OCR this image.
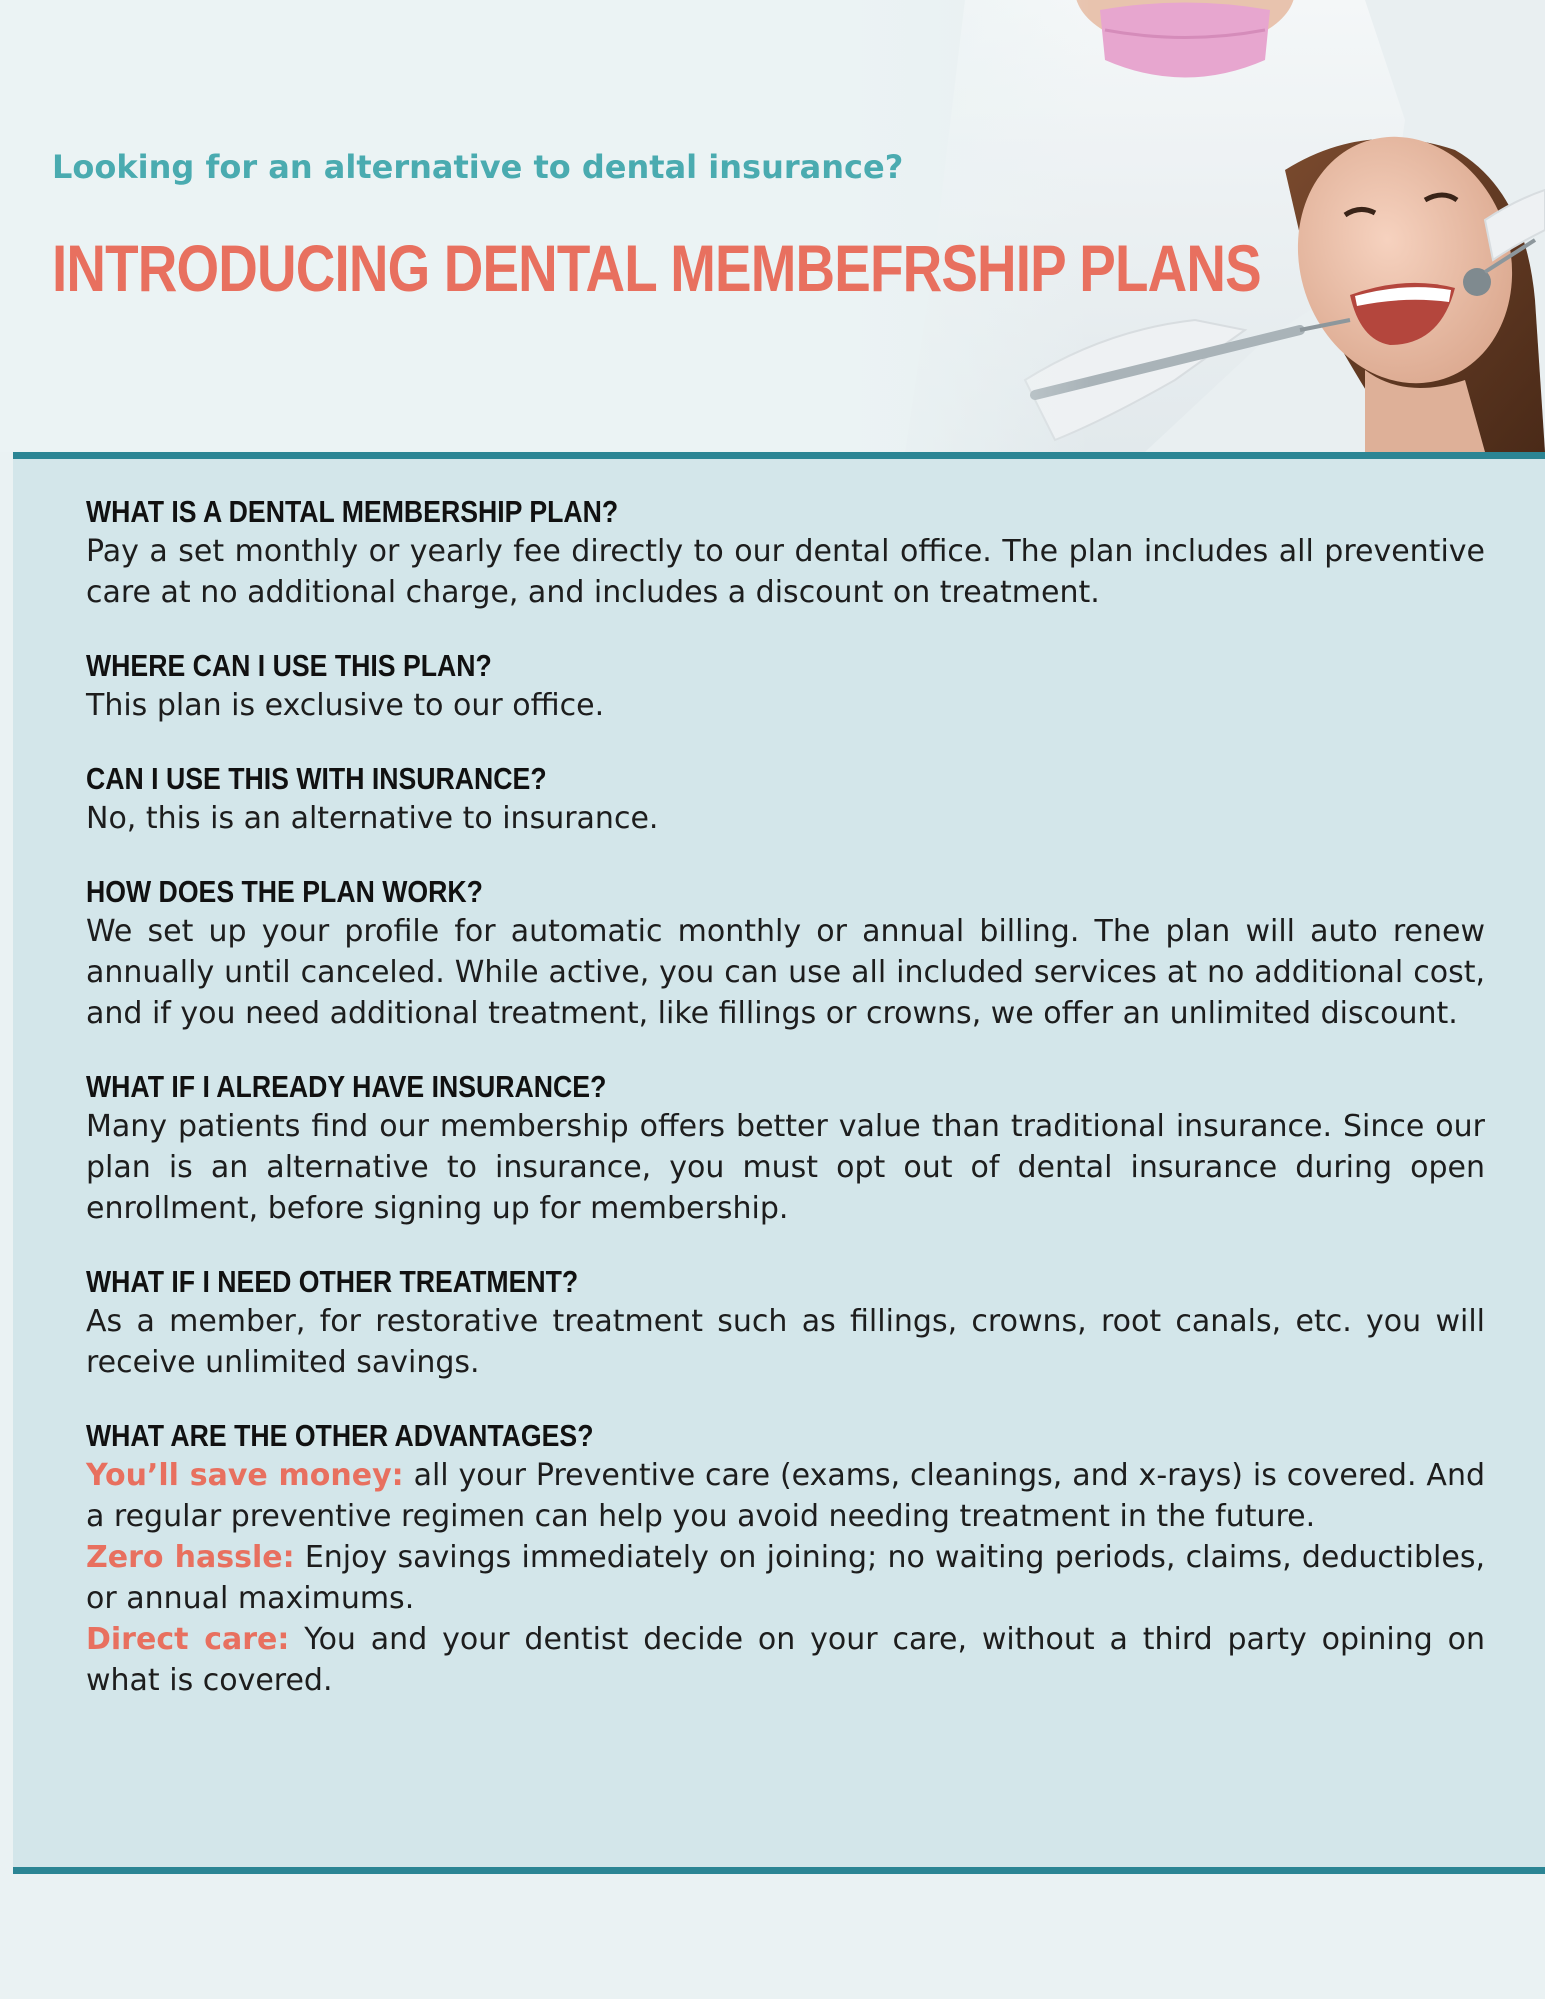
Looking for an alternative to dental insurance?

INTRODUCING DENTAL MEMBEFRSHIP PLANS
WHAT IS A DENTAL MEMBERSHIP PLAN?

Pay a set monthly or yearly fee directly to our dental office. The plan includes all preventive care at no additional charge, and includes a discount on treatment.

WHERE CAN I USE THIS PLAN?

This plan is exclusive to our office.

CAN I USE THIS WITH INSURANCE?

No, this is an alternative to insurance.

HOW DOES THE PLAN WORK?

We set up your profile for automatic monthly or annual billing. The plan will auto renew annually until canceled. While active, you can use all included services at no additional cost, and if you need additional treatment, like fillings or crowns, we offer an unlimited discount.

WHAT IF I ALREADY HAVE INSURANCE?

Many patients find our membership offers better value than traditional insurance. Since our plan is an alternative to insurance, you must opt out of dental insurance during open enrollment, before signing up for membership.

WHAT IF I NEED OTHER TREATMENT?

As a member, for restorative treatment such as fillings, crowns, root canals, etc. you will receive unlimited savings.

WHAT ARE THE OTHER ADVANTAGES?

You’ll save money: all your Preventive care (exams, cleanings, and x-rays) is covered. And a regular preventive regimen can help you avoid needing treatment in the future.

Zero hassle: Enjoy savings immediately on joining; no waiting periods, claims, deductibles, or annual maximums.

Direct care: You and your dentist decide on your care, without a third party opining on what is covered.
